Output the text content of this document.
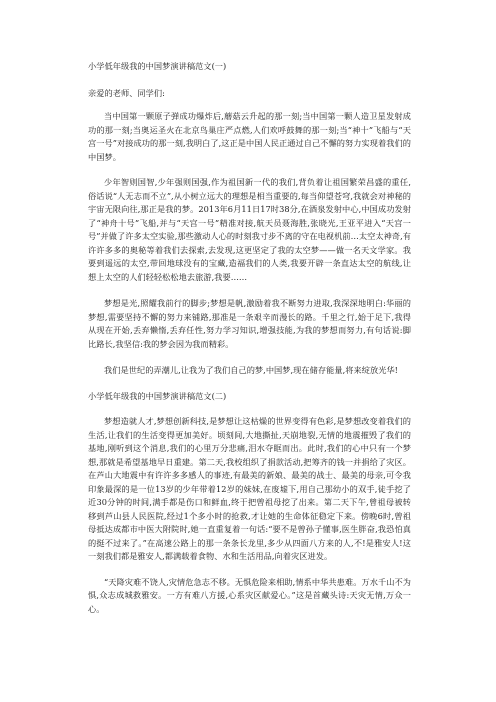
小学低年级我的中国梦演讲稿范文(一)

亲爱的老师、同学们:

当中国第一颗原子弹成功爆炸后,蘑菇云升起的那一刻;当中国第一颗人造卫星发射成功的那一刻;当奥运圣火在北京鸟巢庄严点燃,人们欢呼鼓舞的那一刻;当“神十”飞船与“天宫一号”对接成功的那一刻,我明白了,这正是中国人民正通过自己不懈的努力实现着我们的中国梦。

少年智则国智,少年强则国强,作为祖国新一代的我们,背负着让祖国繁荣昌盛的重任,俗话说“人无志而不立”,从小树立远大的理想是相当重要的,每当仰望苍穹,我就会对神秘的宇宙无限向往,那正是我的梦。2013年6月11日17时38分,在酒泉发射中心,中国成功发射了“神舟十号”飞船,并与“天宫一号”精准对接,航天员聂海胜,张晓光,王亚平进入“天宫一号”并做了许多太空实验,那些激动人心的时刻我寸步不离的守在电视机前…太空太神奇,有许许多多的奥秘等着我们去探索,去发现,这更坚定了我的太空梦——做一名天文学家。我要到遥远的太空,带回地球没有的宝藏,造福我们的人类,我要开辟一条直达太空的航线,让想上太空的人们轻轻松松地去旅游,我要……

梦想是光,照耀我前行的脚步;梦想是帆,激励着我不断努力进取,我深深地明白:华丽的梦想,需要坚持不懈的努力来铺路,那准是一条艰辛而漫长的路。千里之行,始于足下,我得从现在开始,丢弃懒惰,丢弃任性,努力学习知识,增强技能,为我的梦想而努力,有句话说:脚比路长,我坚信:我的梦会因为我而精彩。

我们是世纪的弄潮儿,让我为了我们自己的梦,中国梦,现在储存能量,将来绽放光华!

小学低年级我的中国梦演讲稿范文(二)

梦想造就人才,梦想创新科技,是梦想让这枯燥的世界变得有色彩,是梦想改变着我们的生活,让我们的生活变得更加美好。顷刻间,大地撕扯,天崩地裂,无情的地震摧毁了我们的基地,刚听到这个消息,我们的心里万分悲痛,泪水夺眶而出。此时,我们的心中只有一个梦想,那就是希望基地早日重建。第二天,我校组织了捐款活动,把筹齐的钱一并捐给了灾区。在芦山大地震中有许许多多感人的事迹,有最美的新娘、最美的战士、最美的母亲,可令我印象最深的是一位13岁的少年带着12岁的妹妹,在废墟下,用自己那幼小的双手,徒手挖了近30分钟的时间,满手都是伤口和鲜血,终于把曾祖母挖了出来。第二天下午,曾祖母被转移到芦山县人民医院,经过1个多小时的抢救,才让她的生命体征稳定下来。傍晚6时,曾祖母抵达成都市中医大附院时,她一直重复着一句话:“要不是曾孙子懂事,医生胖奋,我恐怕真的挺不过来了。”在高速公路上的那一条条长龙里,多少从四面八方来的人,不!是雅安人!这一刻我们都是雅安人,都满载着食物、水和生活用品,向着灾区进发。

“天降灾难不饶人,灾情危急志不移。无惧危险来相助,情系中华共患难。万水千山不为惧,众志成城救雅安。一方有难八方援,心系灾区献爱心。”这是首藏头诗:天灾无情,万众一心。
